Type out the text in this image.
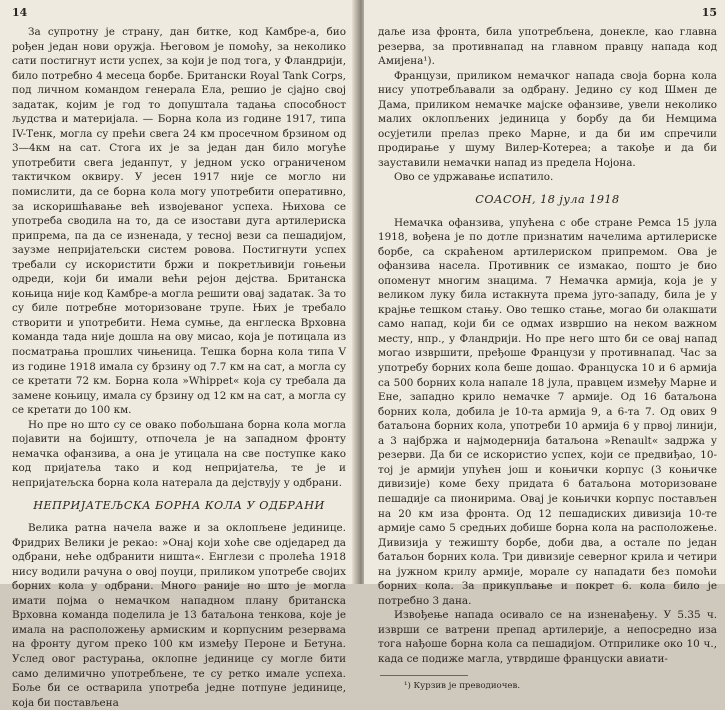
14

За супротну је страну, дан битке, код Камбре-а, био pођен један нови оружја. Његовом је помоћу, за неколико сати постигнут исти успех, за који је под тога, у Фландрији, било потребно 4 месеца борбе. Британски Royal Tank Corps, под личном командом генерала Ела, решио је сјајно свој задатак, којим је год то допуштала тадања способност људства и материјала. — Борна кола из године 1917, типа IV-Тенк, могла су прећи свега 24 км просечном брзином од 3—4км на сат. Стога их је за један дан било могуће употребити свега једанпут, у једном уско ограниченом тактичком оквиру. У јесен 1917 није се могло ни помислити, да се борна кола могу употребити оперативно, за искоришћавање већ извојеваног успеха. Њихова се употреба сводила на то, да се изостави дуга артилериска припрема, па да се изненада, у тесној вези са пешадијом, заузме непријатељски систем ровова. Постигнути успех требали су искористити бржи и покретљивији гоњењи одреди, који би имали већи рејон дејства. Британска коњица није код Камбре-а могла решити овај задатак. За то су биле потребне моторизоване трупе. Њих је требало створити и употребити. Нема сумње, да енглеска Врховна команда тада није дошла на ову мисао, која је потицала из посматрања прошлих чињеница. Тешка борна кола типа V из године 1918 имала су брзину од 7.7 км на сат, а могла су се кретати 72 км. Борна кола »Whippet« која су требала да замене коњицу, имала су брзину од 12 км на сат, а могла су се кретати до 100 км.

Но пре но што су се овако побољшана борна кола могла појавити на бојишту, отпочела је на западном фронту немачка офанзива, а она је утицала на све поступке како код пријатеља тако и код непријатеља, те је и непријатељска борна кола натерала да дејствују у одбрани.

НЕПРИЈАТЕЉСКА БОРНА КОЛА У ОДБРАНИ

Велика ратна начела важе и за оклопљене јединице. Фридрих Велики је рекао: »Онај који хоће све одједаред да одбрани, неће одбранити ништа«. Енглези с пролећа 1918 нису водили рачуна о овој поуци, приликом употребе својих борних кола у одбрани. Много раније но што је могла имати појма о немачком нападном плану британска Врховна команда поделила је 13 батаљона тенкова, које је имала на расположењу армиским и корпусним резервама на фронту дугом преко 100 км између Пероне и Бетуна. Услед овог растурања, оклопне јединице су могле бити само делимично употребљене, те су ретко имале успеха. Боље би се остварила употреба једне потпуне јединице, која би постављена

15

даље иза фронта, била употребљена, донекле, као главна резерва, за противнапад на главном правцу напада код Амијена¹).

Французи, приликом немачког напада своја борна кола нису употребљавали за одбрану. Једино су код Шмен де Дама, приликом немачке мајске офанзиве, увели неколико малих оклопљених јединица у борбу да би Немцима осујетили прелаз преко Марне, и да би им спречили продирање у шуму Вилер-Котереа; а такође и да би зауставили немачки напад из предела Нојона.

Ово се удржавање испатило.

СОАСОН, 18 јула 1918

Немачка офанзива, упућена с обе стране Ремса 15 јула 1918, вођена је по дотле признатим начелима артилериске борбе, са скраћеном артилериском припремом. Ова је офанзива насела. Противник се измакао, пошто је био опоменут многим знацима. 7 Немачка армија, која је у великом луку била истакнута према југо-западу, била је у крајње тешком стању. Ово тешко стање, могао би олакшати само напад, који би се одмах извршио на неком важном месту, нпр., у Фландрији. Но пре него што би се овај напад могао извршити, пређоше Французи у противнапад. Час за употребу борних кола беше дошао. Француска 10 и 6 армија са 500 борних кола напале 18 јула, правцем између Марне и Ене, западно крило немачке 7 армије. Од 16 батаљона борних кола, добила је 10-та армија 9, а 6-та 7. Од ових 9 батаљона борних кола, употреби 10 армија 6 у првој линији, а 3 најбржа и најмодернија батаљона »Renault« задржа у резерви. Да би се искористио успех, који се предвиђао, 10-тој је армији упућен још и коњички корпус (3 коњичке дивизије) коме беху придата 6 батаљона моторизоване пешадије са пионирима. Овај је коњички корпус постављен на 20 км иза фронта. Од 12 пешадиских дивизија 10-те армије само 5 средњих добише борна кола на расположење. Дивизија у тежишту борбе, доби два, а остале по један батаљон борних кола. Три дивизије северног крила и четири на јужном крилу армије, морале су нападати без помоћи борних кола. За прикупљање и покрет 6. кола било је потребно 3 дана.

Извођење напада осивало се на изненађењу. У 5.35 ч. изврши се ватрени препад артилерије, а непосредно иза тога нађоше борна кола са пешадијом. Отприлике око 10 ч., када се подиже магла, утврдише француски авиати-

¹) Курзив је преводиочев.
